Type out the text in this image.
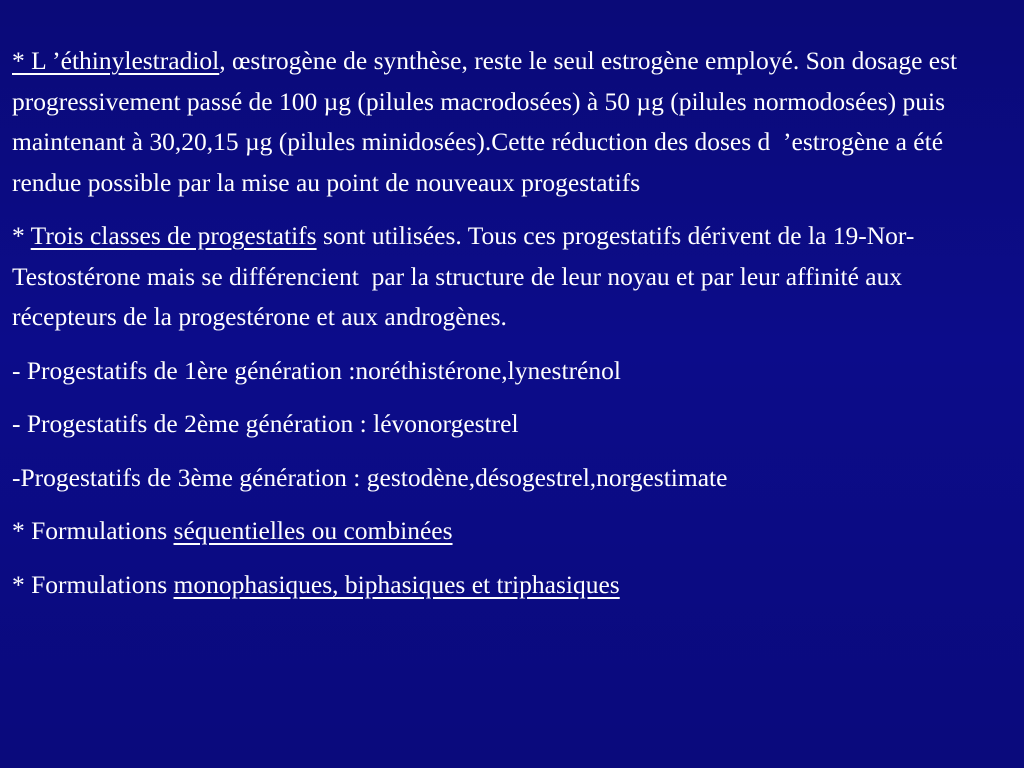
* L ’éthinylestradiol, œstrogène de synthèse, reste le seul estrogène employé. Son dosage est progressivement passé de 100 µg (pilules macrodosées) à 50 µg (pilules normodosées) puis maintenant à 30,20,15 µg (pilules minidosées).Cette réduction des doses d  ’estrogène a été rendue possible par la mise au point de nouveaux progestatifs

* Trois classes de progestatifs sont utilisées. Tous ces progestatifs dérivent de la 19-Nor-Testostérone mais se différencient  par la structure de leur noyau et par leur affinité aux récepteurs de la progestérone et aux androgènes.

- Progestatifs de 1ère génération :noréthistérone,lynestrénol

- Progestatifs de 2ème génération : lévonorgestrel

-Progestatifs de 3ème génération : gestodène,désogestrel,norgestimate

* Formulations séquentielles ou combinées

* Formulations monophasiques, biphasiques et triphasiques
